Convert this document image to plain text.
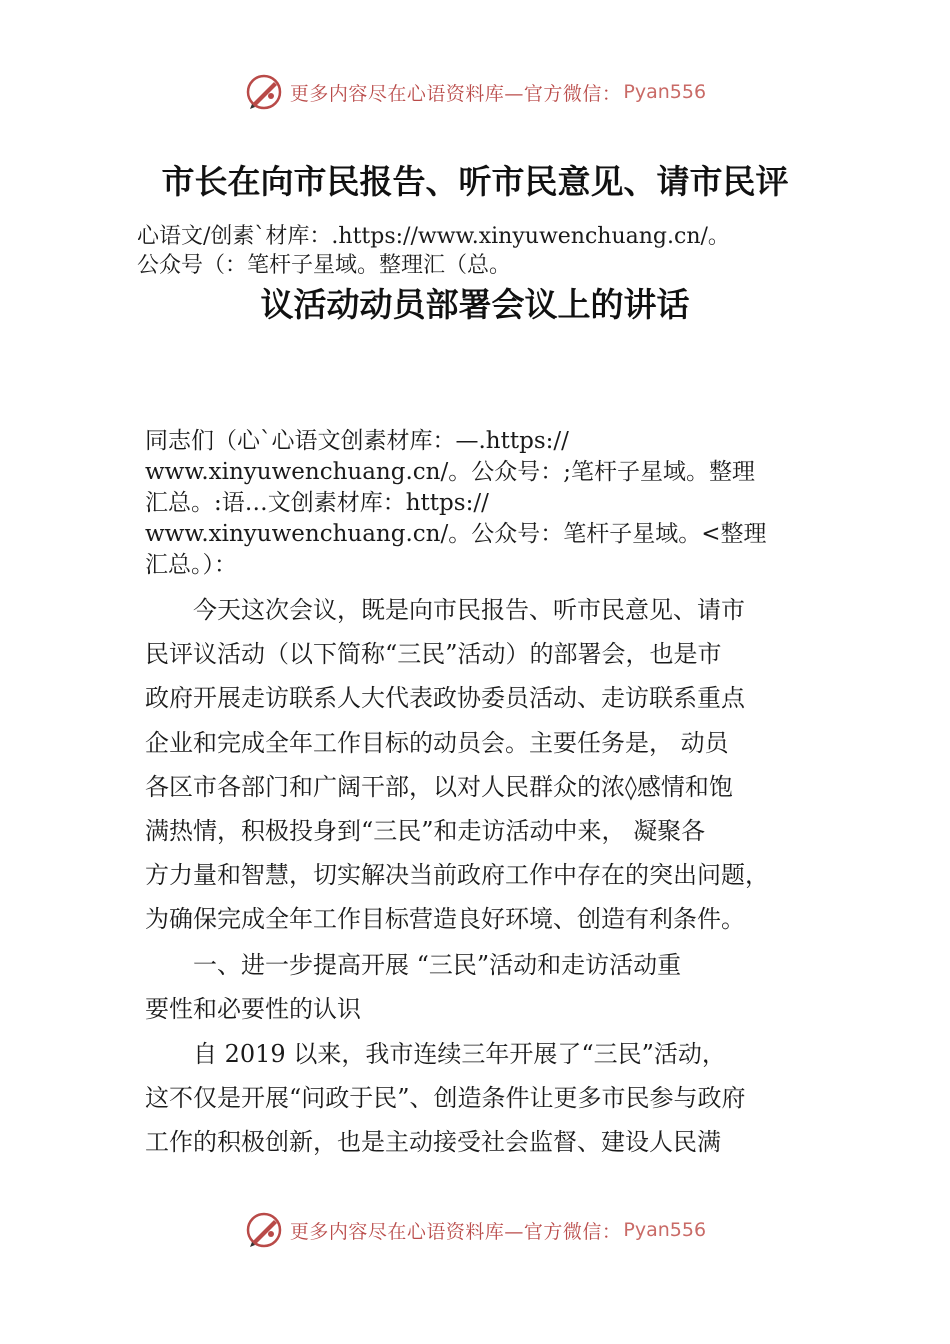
更多内容尽在心语资料库—官方微信： Pyan556
市长在向市民报告、听市民意见、请市民评
心语文/创素`材库：.https://www.xinyuwenchuang.cn/。
公众号（：笔杆子星域。整理汇（总。
议活动动员部署会议上的讲话
同志们（心`心语文创素材库：—.https://
www.xinyuwenchuang.cn/。公众号：;笔杆子星域。整理
汇总。:语…文创素材库：https://
www.xinyuwenchuang.cn/。公众号：笔杆子星域。<整理
汇总。）：
　　今天这次会议，既是向市民报告、听市民意见、请市
民评议活动（以下简称“三民”活动）的部署会，也是市
政府开展走访联系人大代表政协委员活动、走访联系重点
企业和完成全年工作目标的动员会。主要任务是， 动员
各区市各部门和广阔干部，以对人民群众的浓◊感情和饱
满热情，积极投身到“三民”和走访活动中来， 凝聚各
方力量和智慧，切实解决当前政府工作中存在的突出问题，
为确保完成全年工作目标营造良好环境、创造有利条件。
　　一、进一步提高开展 “三民”活动和走访活动重
要性和必要性的认识
　　自 2019 以来，我市连续三年开展了“三民”活动，
这不仅是开展“问政于民”、创造条件让更多市民参与政府
工作的积极创新，也是主动接受社会监督、建设人民满
更多内容尽在心语资料库—官方微信： Pyan556
